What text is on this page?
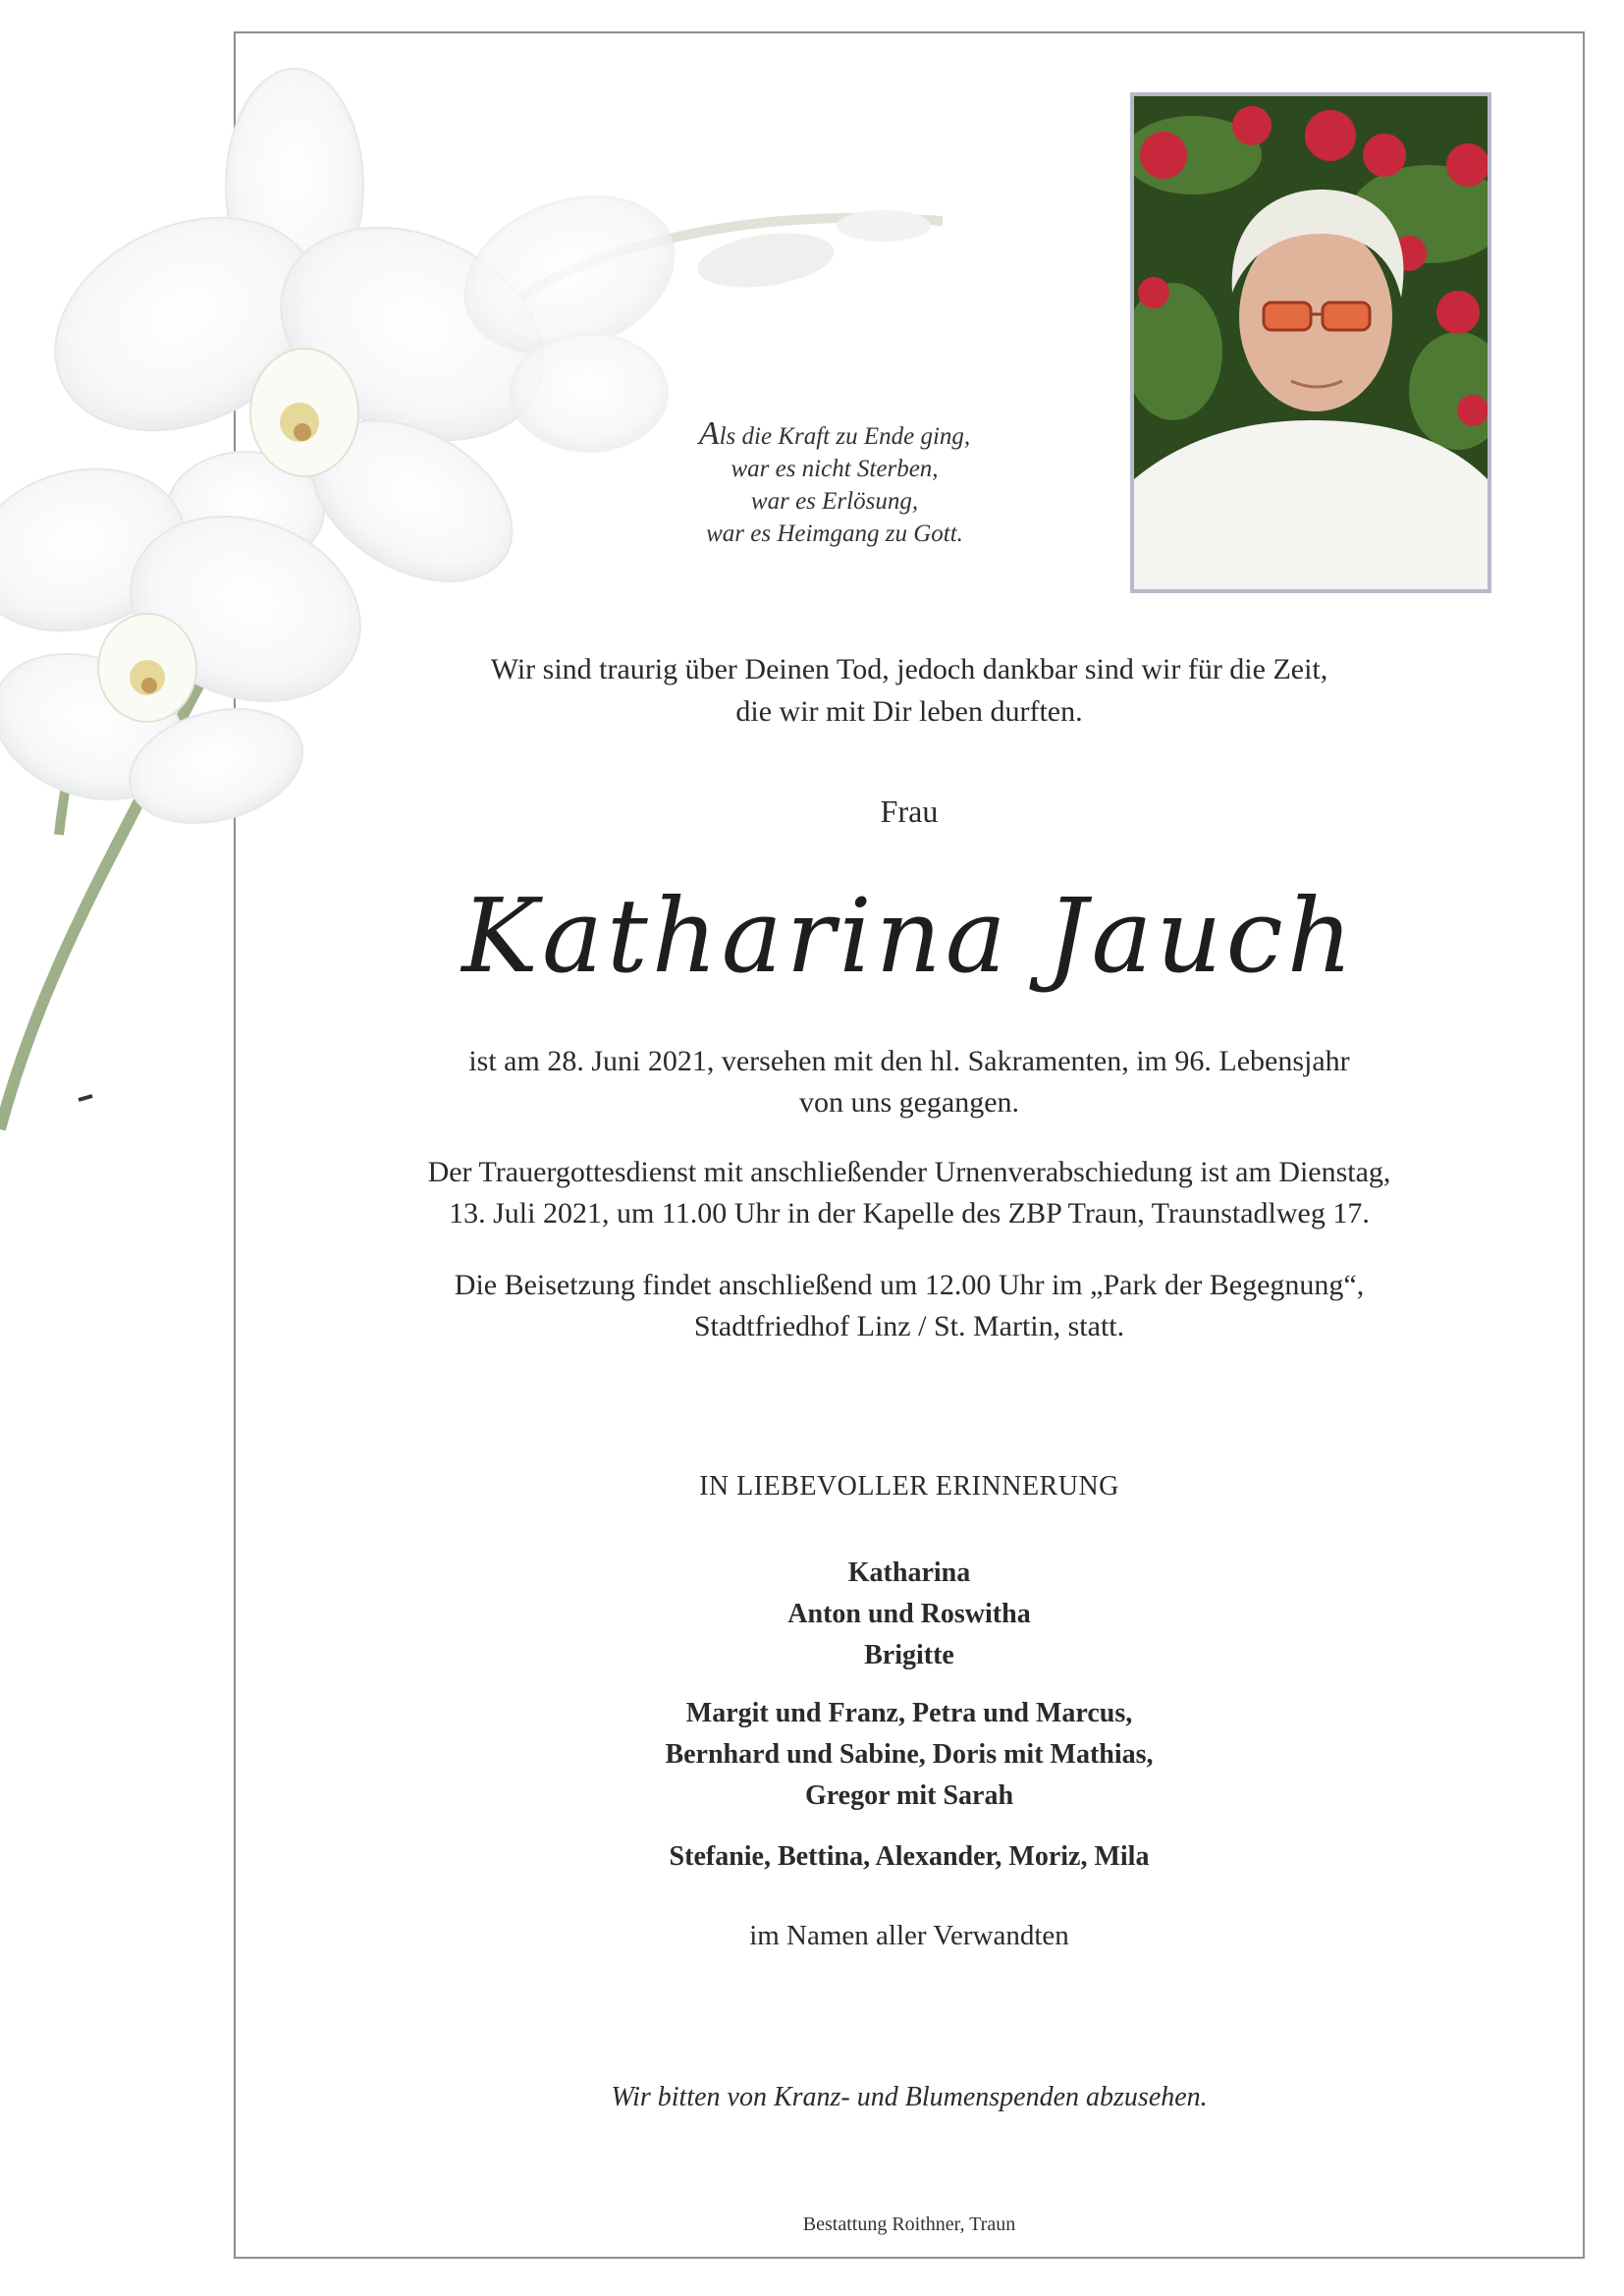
Als die Kraft zu Ende ging,

war es nicht Sterben,

war es Erlösung,

war es Heimgang zu Gott.

Wir sind traurig über Deinen Tod, jedoch dankbar sind wir für die Zeit,
die wir mit Dir leben durften.

Frau

Katharina Jauch

ist am 28. Juni 2021, versehen mit den hl. Sakramenten, im 96. Lebensjahr
von uns gegangen.

Der Trauergottesdienst mit anschließender Urnenverabschiedung ist am Dienstag,
13. Juli 2021, um 11.00 Uhr in der Kapelle des ZBP Traun, Traunstadlweg 17.

Die Beisetzung findet anschließend um 12.00 Uhr im „Park der Begegnung“,
Stadtfriedhof Linz / St. Martin, statt.

IN LIEBEVOLLER ERINNERUNG

Katharina
Anton und Roswitha
Brigitte

Margit und Franz, Petra und Marcus,
Bernhard und Sabine, Doris mit Mathias,
Gregor mit Sarah

Stefanie, Bettina, Alexander, Moriz, Mila

im Namen aller Verwandten

Wir bitten von Kranz- und Blumenspenden abzusehen.

Bestattung Roithner, Traun
